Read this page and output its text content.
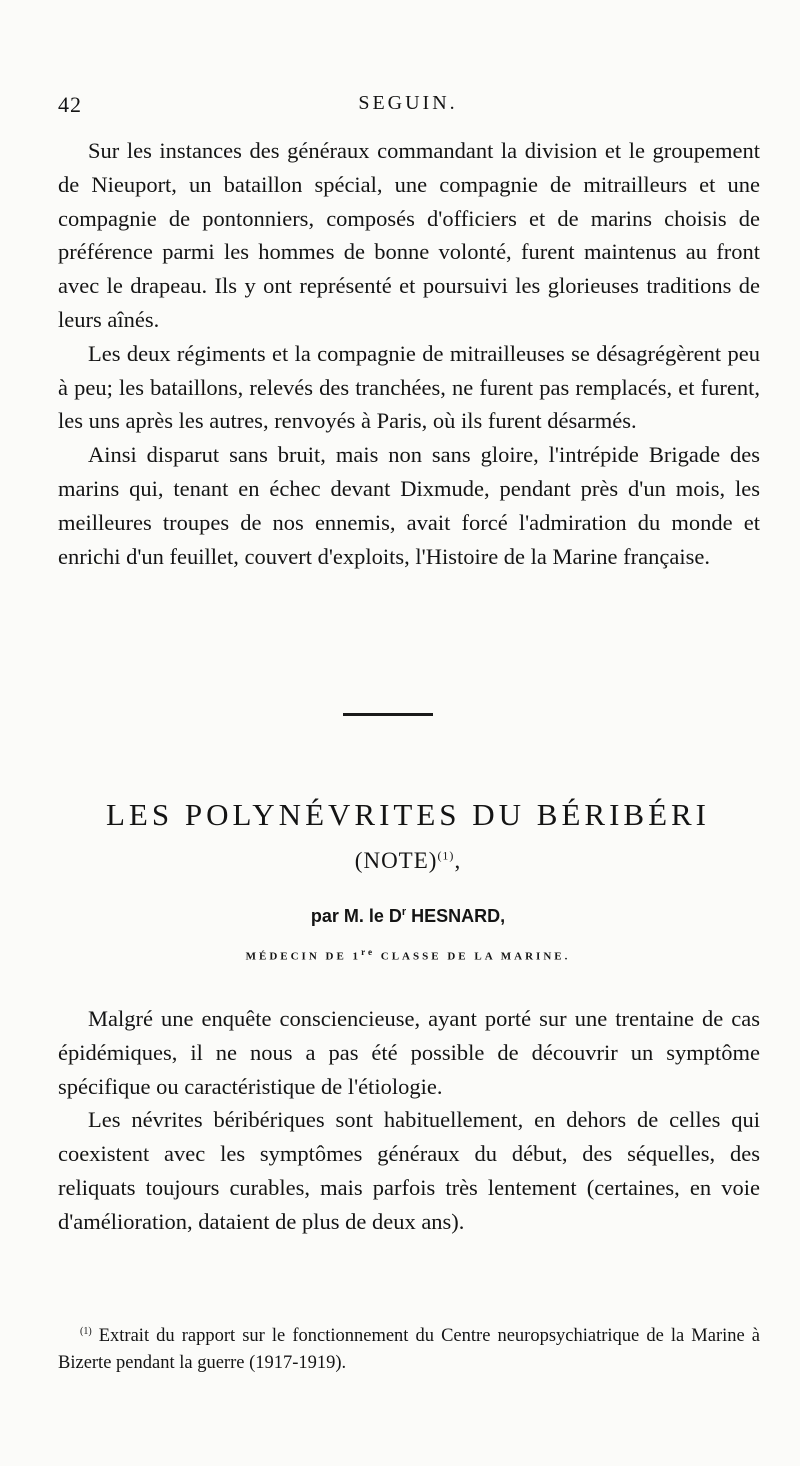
42	SEGUIN.

Sur les instances des généraux commandant la division et le groupement de Nieuport, un bataillon spécial, une compagnie de mitrailleurs et une compagnie de pontonniers, composés d'officiers et de marins choisis de préférence parmi les hommes de bonne volonté, furent maintenus au front avec le drapeau. Ils y ont représenté et poursuivi les glorieuses traditions de leurs aînés.

Les deux régiments et la compagnie de mitrailleuses se désagrégèrent peu à peu; les bataillons, relevés des tranchées, ne furent pas remplacés, et furent, les uns après les autres, renvoyés à Paris, où ils furent désarmés.

Ainsi disparut sans bruit, mais non sans gloire, l'intrépide Brigade des marins qui, tenant en échec devant Dixmude, pendant près d'un mois, les meilleures troupes de nos ennemis, avait forcé l'admiration du monde et enrichi d'un feuillet, couvert d'exploits, l'Histoire de la Marine française.

LES POLYNÉVRITES DU BÉRIBÉRI
(NOTE)$^{(1)}$,
par M. le $D^r$ HESNARD,
MÉDECIN DE 1re CLASSE DE LA MARINE.

Malgré une enquête consciencieuse, ayant porté sur une trentaine de cas épidémiques, il ne nous a pas été possible de découvrir un symptôme spécifique ou caractéristique de l'étiologie.

Les névrites béribériques sont habituellement, en dehors de celles qui coexistent avec les symptômes généraux du début, des séquelles, des reliquats toujours curables, mais parfois très lentement (certaines, en voie d'amélioration, dataient de plus de deux ans).

$^{(1)}$ Extrait du rapport sur le fonctionnement du Centre neuropsychiatrique de la Marine à Bizerte pendant la guerre (1917-1919).
